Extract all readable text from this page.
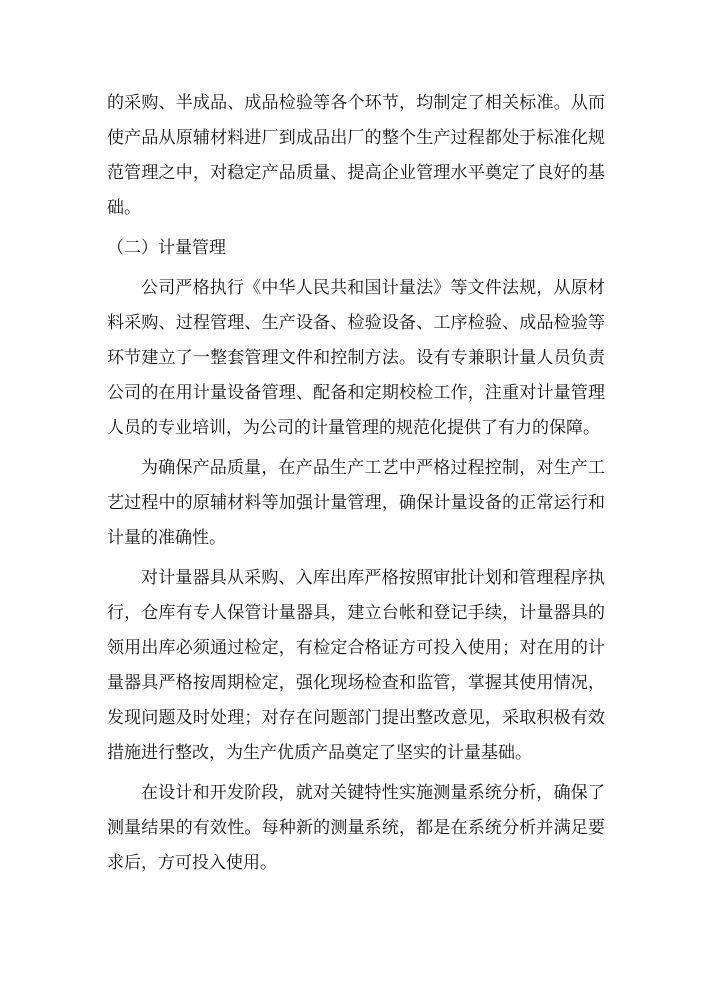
的采购、半成品、成品检验等各个环节，均制定了相关标准。从而
使产品从原辅材料进厂到成品出厂的整个生产过程都处于标准化规
范管理之中，对稳定产品质量、提高企业管理水平奠定了良好的基
础。
（二）计量管理
公司严格执行《中华人民共和国计量法》等文件法规，从原材
料采购、过程管理、生产设备、检验设备、工序检验、成品检验等
环节建立了一整套管理文件和控制方法。设有专兼职计量人员负责
公司的在用计量设备管理、配备和定期校检工作，注重对计量管理
人员的专业培训，为公司的计量管理的规范化提供了有力的保障。
为确保产品质量，在产品生产工艺中严格过程控制，对生产工
艺过程中的原辅材料等加强计量管理，确保计量设备的正常运行和
计量的准确性。
对计量器具从采购、入库出库严格按照审批计划和管理程序执
行，仓库有专人保管计量器具，建立台帐和登记手续，计量器具的
领用出库必须通过检定，有检定合格证方可投入使用；对在用的计
量器具严格按周期检定，强化现场检查和监管，掌握其使用情况，
发现问题及时处理；对存在问题部门提出整改意见，采取积极有效
措施进行整改，为生产优质产品奠定了坚实的计量基础。
在设计和开发阶段，就对关键特性实施测量系统分析，确保了
测量结果的有效性。每种新的测量系统，都是在系统分析并满足要
求后，方可投入使用。
